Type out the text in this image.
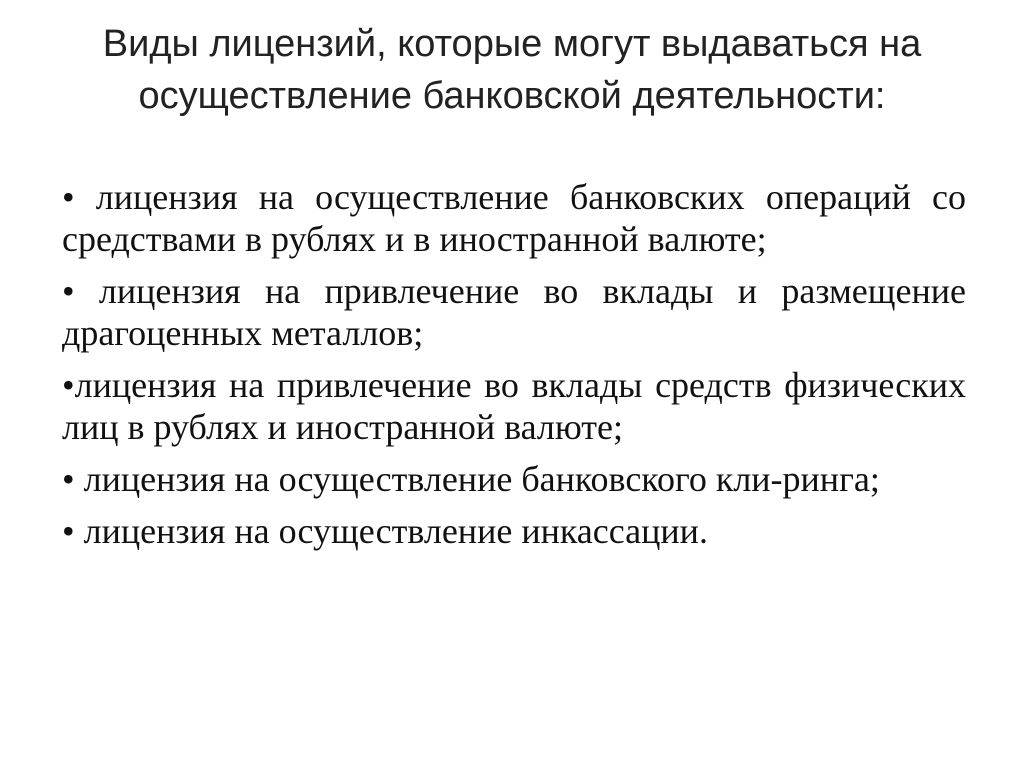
Виды лицензий, которые могут выдаваться на осуществление банковской деятельности:
• лицензия на осуществление банковских операций со средствами в рублях и в иностранной валюте;
• лицензия на привлечение во вклады и размещение драгоценных металлов;
•лицензия на привлечение во вклады средств физических лиц в рублях и иностранной валюте;
• лицензия на осуществление банковского кли-ринга;
• лицензия на осуществление инкассации.
